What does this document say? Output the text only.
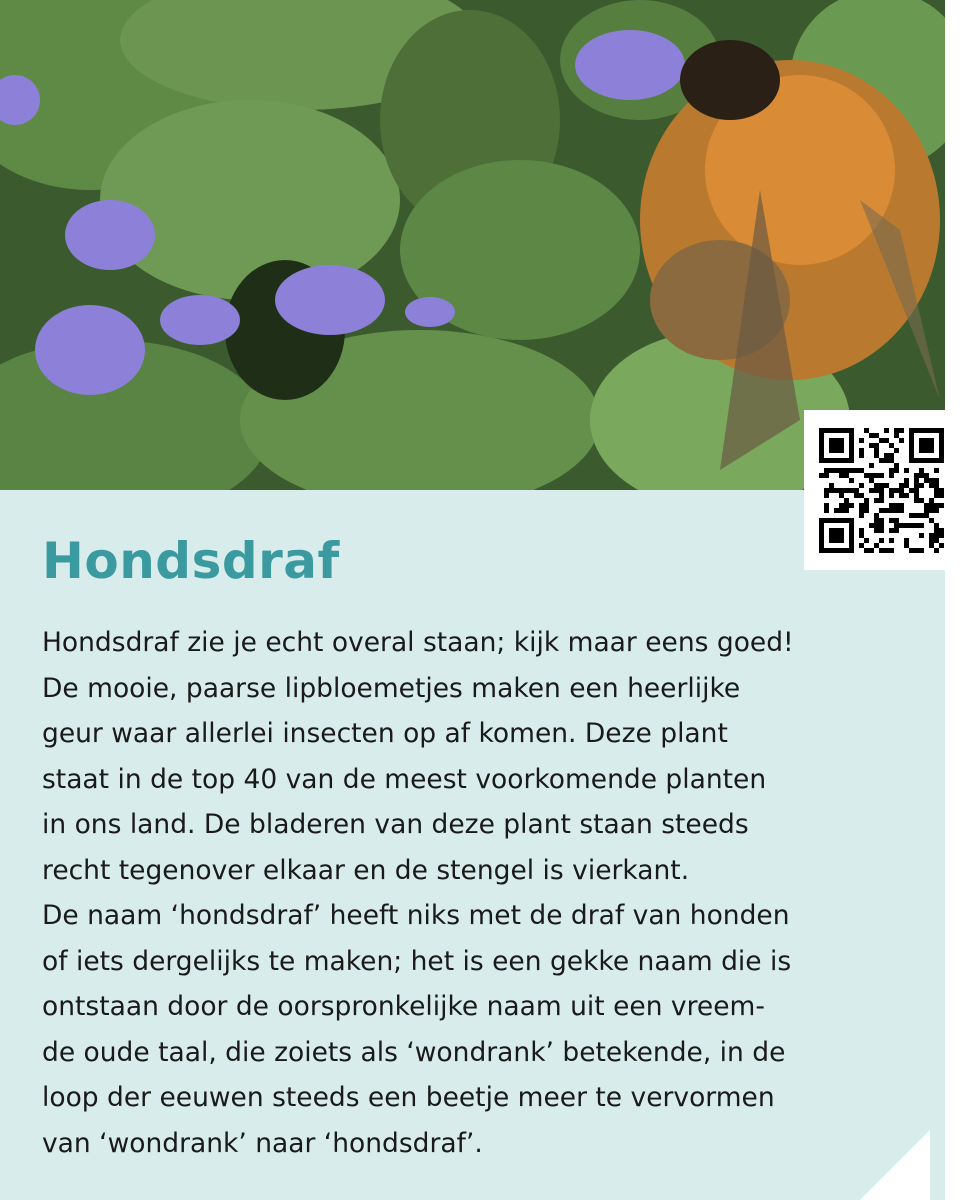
Hondsdraf
Hondsdraf zie je echt overal staan; kijk maar eens goed!
De mooie, paarse lipbloemetjes maken een heerlijke
geur waar allerlei insecten op af komen. Deze plant
staat in de top 40 van de meest voorkomende planten
in ons land. De bladeren van deze plant staan steeds
recht tegenover elkaar en de stengel is vierkant.
De naam ‘hondsdraf’ heeft niks met de draf van honden
of iets dergelijks te maken; het is een gekke naam die is
ontstaan door de oorspronkelijke naam uit een vreem-
de oude taal, die zoiets als ‘wondrank’ betekende, in de
loop der eeuwen steeds een beetje meer te vervormen
van ‘wondrank’ naar ‘hondsdraf’.
